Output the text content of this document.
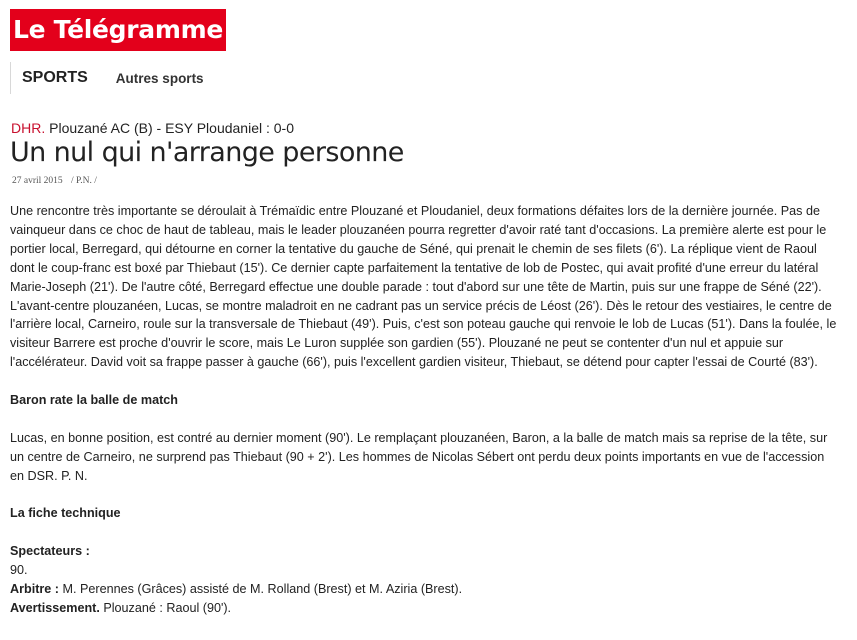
Le Télégramme
SPORTS Autres sports
DHR. Plouzané AC (B) - ESY Ploudaniel : 0-0
Un nul qui n'arrange personne
27 avril 2015 / P.N. /

Une rencontre très importante se déroulait à Trémaïdic entre Plouzané et Ploudaniel, deux formations défaites lors de la dernière journée. Pas de vainqueur dans ce choc de haut de tableau, mais le leader plouzanéen pourra regretter d'avoir raté tant d'occasions. La première alerte est pour le portier local, Berregard, qui détourne en corner la tentative du gauche de Séné, qui prenait le chemin de ses filets (6'). La réplique vient de Raoul dont le coup-franc est boxé par Thiebaut (15'). Ce dernier capte parfaitement la tentative de lob de Postec, qui avait profité d'une erreur du latéral Marie-Joseph (21'). De l'autre côté, Berregard effectue une double parade : tout d'abord sur une tête de Martin, puis sur une frappe de Séné (22'). L'avant-centre plouzanéen, Lucas, se montre maladroit en ne cadrant pas un service précis de Léost (26'). Dès le retour des vestiaires, le centre de l'arrière local, Carneiro, roule sur la transversale de Thiebaut (49'). Puis, c'est son poteau gauche qui renvoie le lob de Lucas (51'). Dans la foulée, le visiteur Barrere est proche d'ouvrir le score, mais Le Luron supplée son gardien (55'). Plouzané ne peut se contenter d'un nul et appuie sur l'accélérateur. David voit sa frappe passer à gauche (66'), puis l'excellent gardien visiteur, Thiebaut, se détend pour capter l'essai de Courté (83').

Baron rate la balle de match

Lucas, en bonne position, est contré au dernier moment (90'). Le remplaçant plouzanéen, Baron, a la balle de match mais sa reprise de la tête, sur un centre de Carneiro, ne surprend pas Thiebaut (90 + 2'). Les hommes de Nicolas Sébert ont perdu deux points importants en vue de l'accession en DSR. P. N.

La fiche technique

Spectateurs :

90.

Arbitre : M. Perennes (Grâces) assisté de M. Rolland (Brest) et M. Aziria (Brest).

Avertissement. Plouzané : Raoul (90').
